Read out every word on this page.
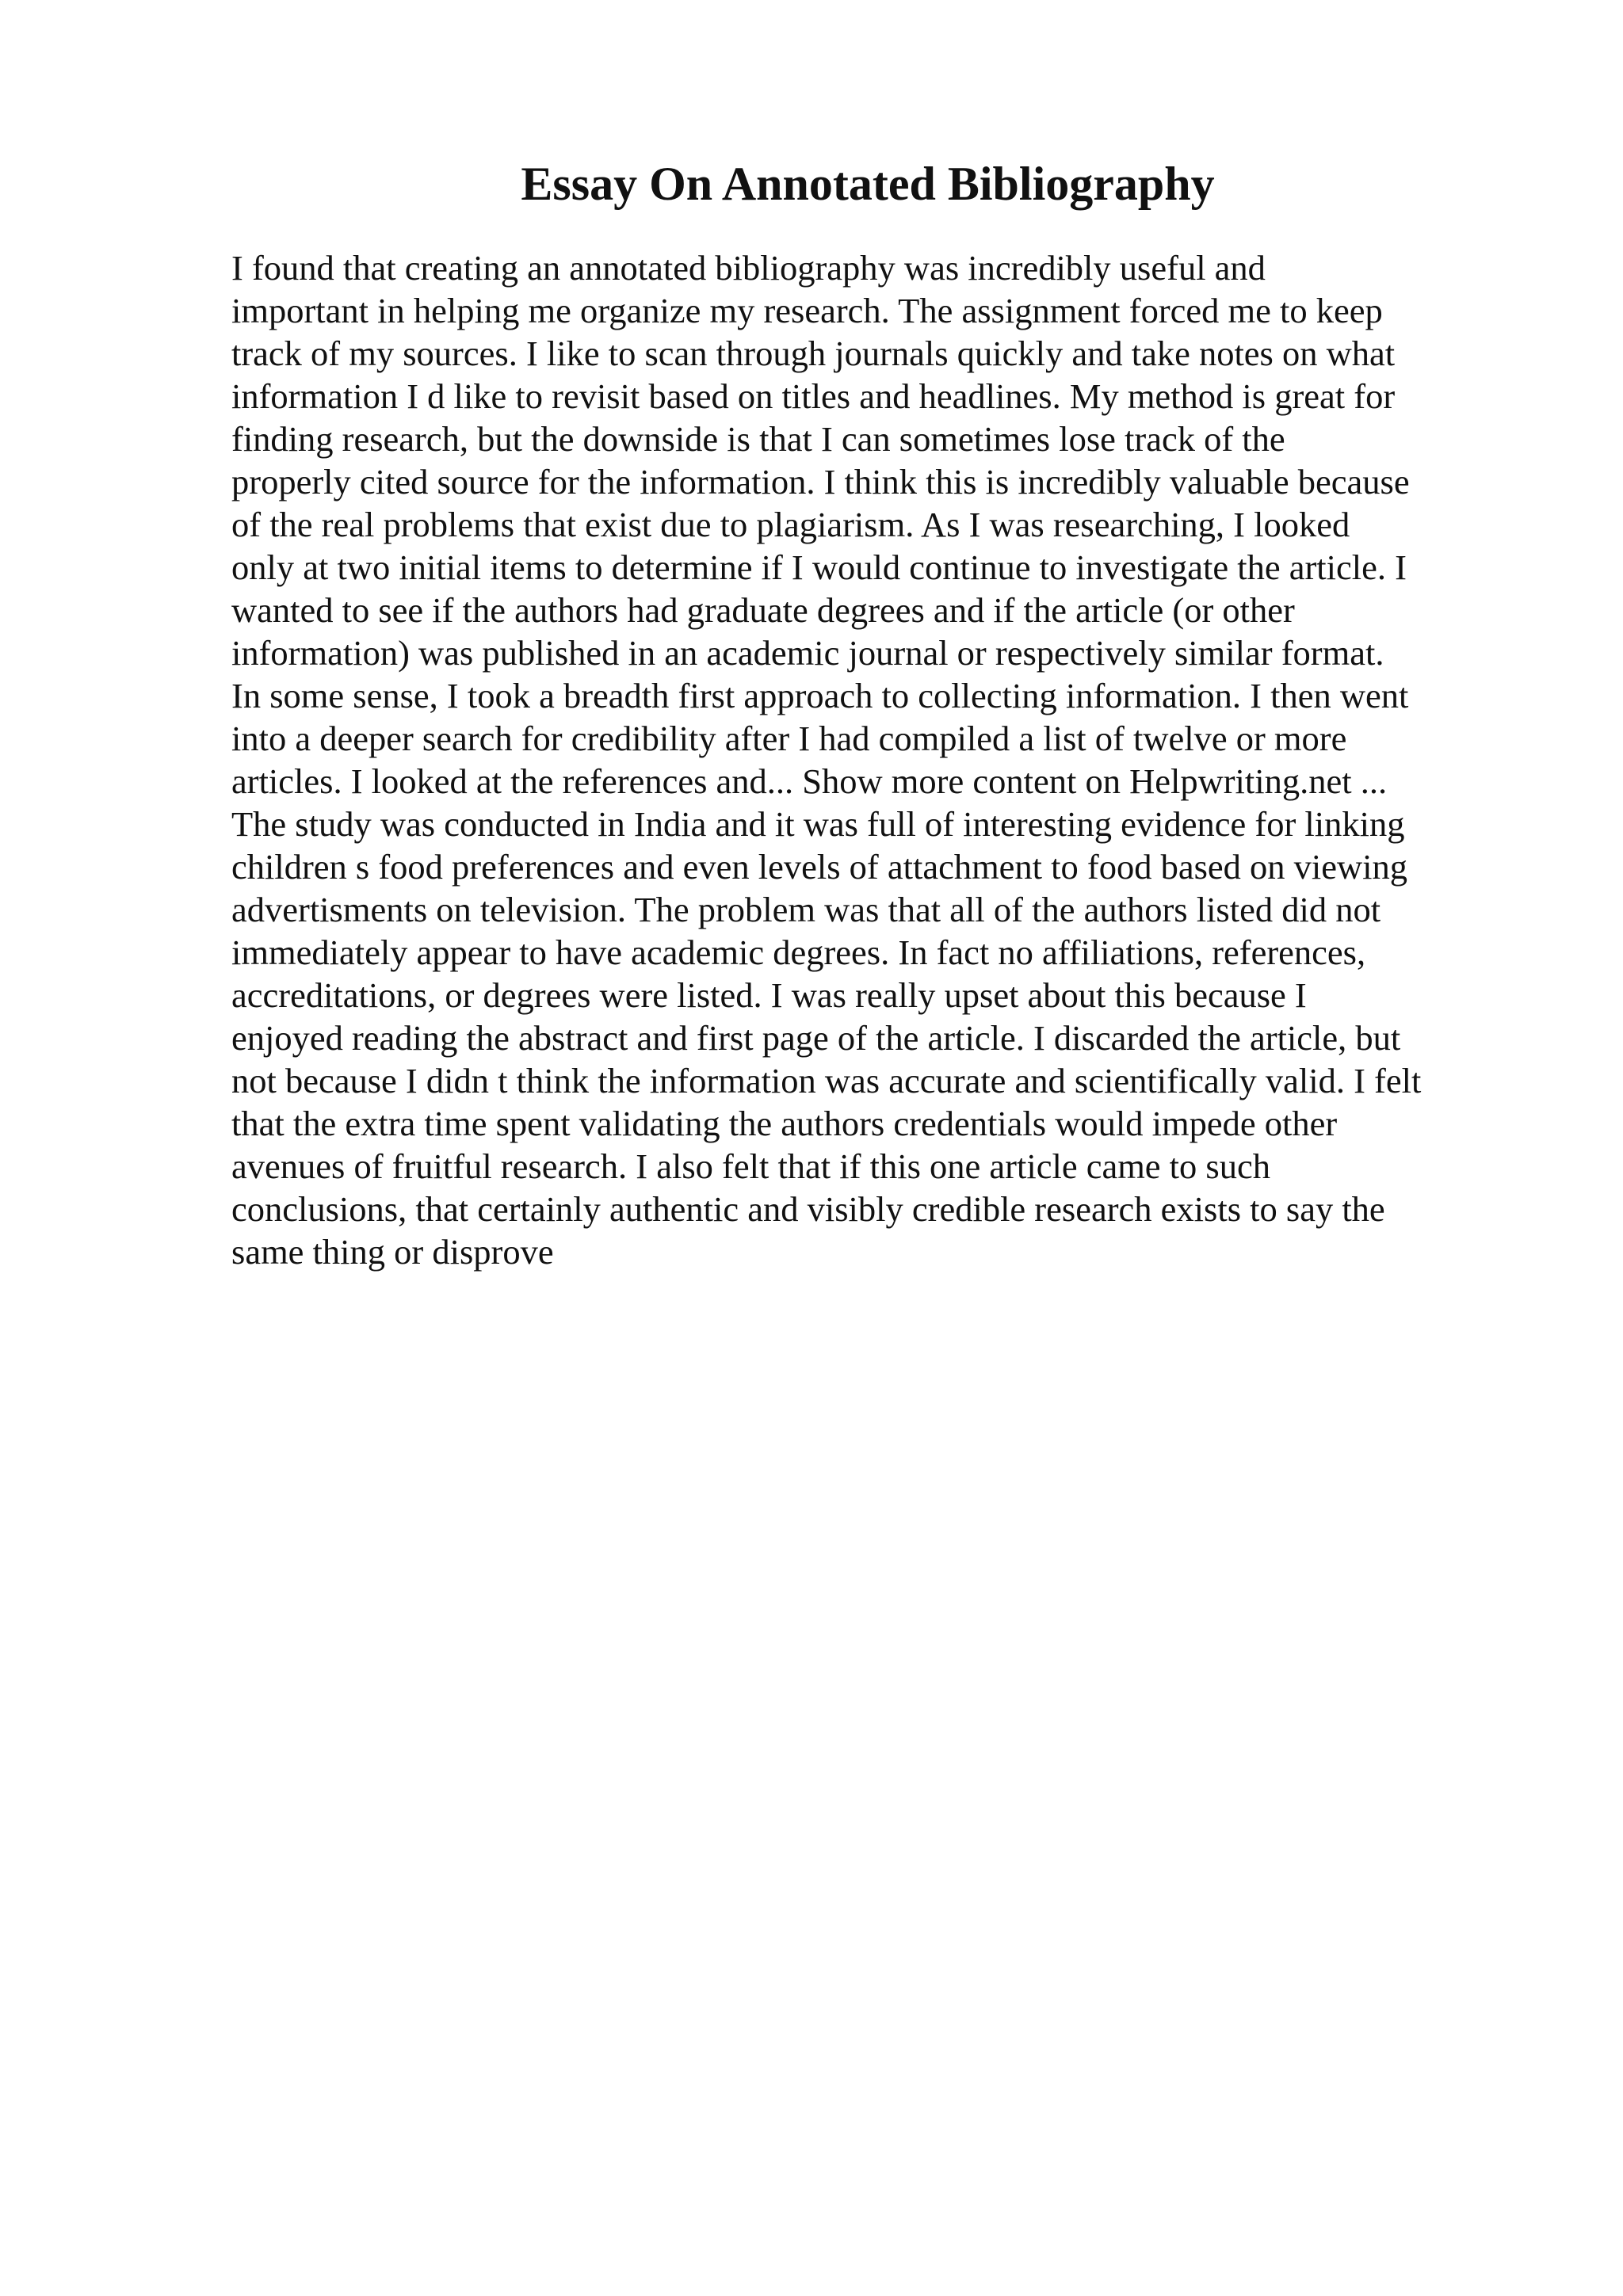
Essay On Annotated Bibliography
I found that creating an annotated bibliography was incredibly useful and
important in helping me organize my research. The assignment forced me to keep
track of my sources. I like to scan through journals quickly and take notes on what
information I d like to revisit based on titles and headlines. My method is great for
finding research, but the downside is that I can sometimes lose track of the
properly cited source for the information. I think this is incredibly valuable because
of the real problems that exist due to plagiarism. As I was researching, I looked
only at two initial items to determine if I would continue to investigate the article. I
wanted to see if the authors had graduate degrees and if the article (or other
information) was published in an academic journal or respectively similar format.
In some sense, I took a breadth first approach to collecting information. I then went
into a deeper search for credibility after I had compiled a list of twelve or more
articles. I looked at the references and... Show more content on Helpwriting.net ...
The study was conducted in India and it was full of interesting evidence for linking
children s food preferences and even levels of attachment to food based on viewing
advertisments on television. The problem was that all of the authors listed did not
immediately appear to have academic degrees. In fact no affiliations, references,
accreditations, or degrees were listed. I was really upset about this because I
enjoyed reading the abstract and first page of the article. I discarded the article, but
not because I didn t think the information was accurate and scientifically valid. I felt
that the extra time spent validating the authors credentials would impede other
avenues of fruitful research. I also felt that if this one article came to such
conclusions, that certainly authentic and visibly credible research exists to say the
same thing or disprove
